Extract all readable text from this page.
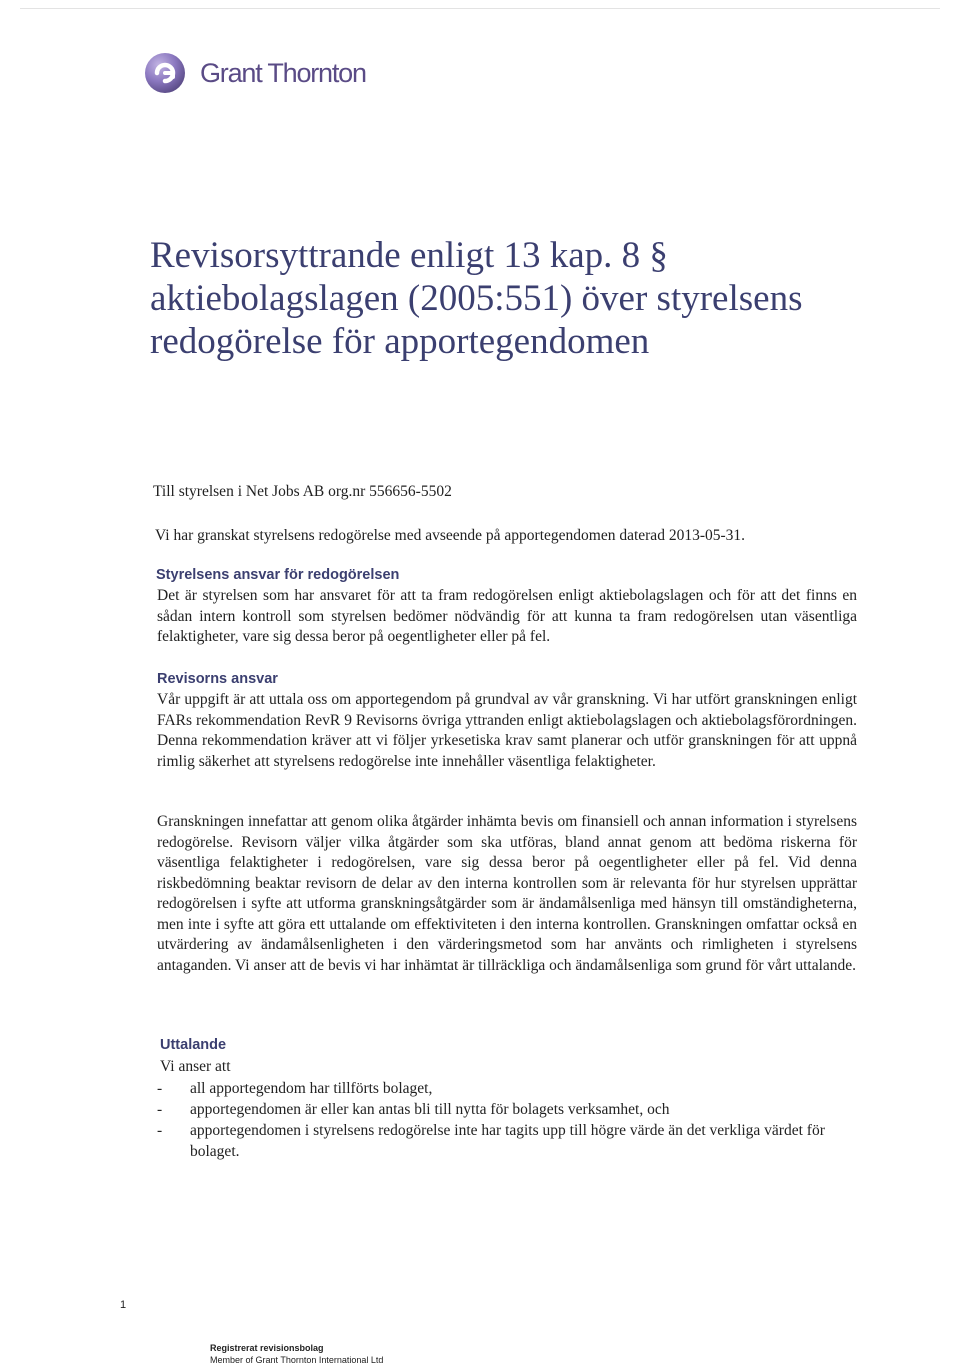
Grant Thornton
Revisorsyttrande enligt 13 kap. 8 §
aktiebolagslagen (2005:551) över styrelsens
redogörelse för apportegendomen
Till styrelsen i Net Jobs AB org.nr 556656-5502
Vi har granskat styrelsens redogörelse med avseende på apportegendomen daterad 2013-05-31.
Styrelsens ansvar för redogörelsen
Det är styrelsen som har ansvaret för att ta fram redogörelsen enligt aktiebolagslagen och för att det finns en sådan intern kontroll som styrelsen bedömer nödvändig för att kunna ta fram redogörelsen utan väsentliga felaktigheter, vare sig dessa beror på oegentligheter eller på fel.
Revisorns ansvar
Vår uppgift är att uttala oss om apportegendom på grundval av vår granskning. Vi har utfört granskningen enligt FARs rekommendation RevR 9 Revisorns övriga yttranden enligt aktiebolagslagen och aktiebolagsförordningen. Denna rekommendation kräver att vi följer yrkesetiska krav samt planerar och utför granskningen för att uppnå rimlig säkerhet att styrelsens redogörelse inte innehåller väsentliga felaktigheter.
Granskningen innefattar att genom olika åtgärder inhämta bevis om finansiell och annan information i styrelsens redogörelse. Revisorn väljer vilka åtgärder som ska utföras, bland annat genom att bedöma riskerna för väsentliga felaktigheter i redogörelsen, vare sig dessa beror på oegentligheter eller på fel. Vid denna riskbedömning beaktar revisorn de delar av den interna kontrollen som är relevanta för hur styrelsen upprättar redogörelsen i syfte att utforma granskningsåtgärder som är ändamålsenliga med hänsyn till omständigheterna, men inte i syfte att göra ett uttalande om effektiviteten i den interna kontrollen. Granskningen omfattar också en utvärdering av ändamålsenligheten i den värderingsmetod som har använts och rimligheten i styrelsens antaganden. Vi anser att de bevis vi har inhämtat är tillräckliga och ändamålsenliga som grund för vårt uttalande.
Uttalande
Vi anser att
- all apportegendom har tillförts bolaget,
- apportegendomen är eller kan antas bli till nytta för bolagets verksamhet, och
- apportegendomen i styrelsens redogörelse inte har tagits upp till högre värde än det verkliga värdet för bolaget.
1
Registrerat revisionsbolag
Member of Grant Thornton International Ltd
